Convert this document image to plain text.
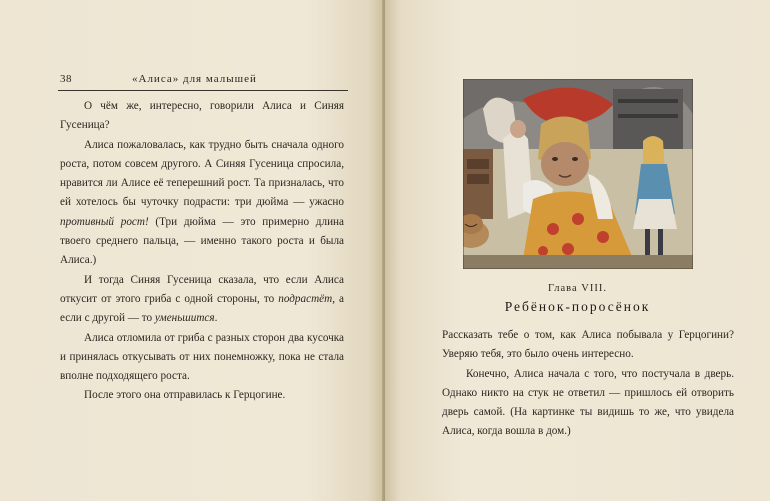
38	«Алиса» для малышей

О чём же, интересно, говорили Алиса и Синяя Гусеница?

Алиса пожаловалась, как трудно быть сначала одного роста, потом совсем другого. А Синяя Гусеница спросила, нравится ли Алисе её теперешний рост. Та призналась, что ей хотелось бы чуточку подрасти: три дюйма — ужасно противный рост! (Три дюйма — это примерно длина твоего среднего пальца, — именно такого роста и была Алиса.)

И тогда Синяя Гусеница сказала, что если Алиса откусит от этого гриба с одной стороны, то подрастёт, а если с другой — то уменьшится.

Алиса отломила от гриба с разных сторон два кусочка и принялась откусывать от них понемножку, пока не стала вполне подходящего роста.

После этого она отправилась к Герцогине.

Глава VIII.
Ребёнок-поросёнок

Рассказать тебе о том, как Алиса побывала у Герцогини? Уверяю тебя, это было очень интересно.

Конечно, Алиса начала с того, что постучала в дверь. Однако никто на стук не ответил — пришлось ей отворить дверь самой. (На картинке ты видишь то же, что увидела Алиса, когда вошла в дом.)
